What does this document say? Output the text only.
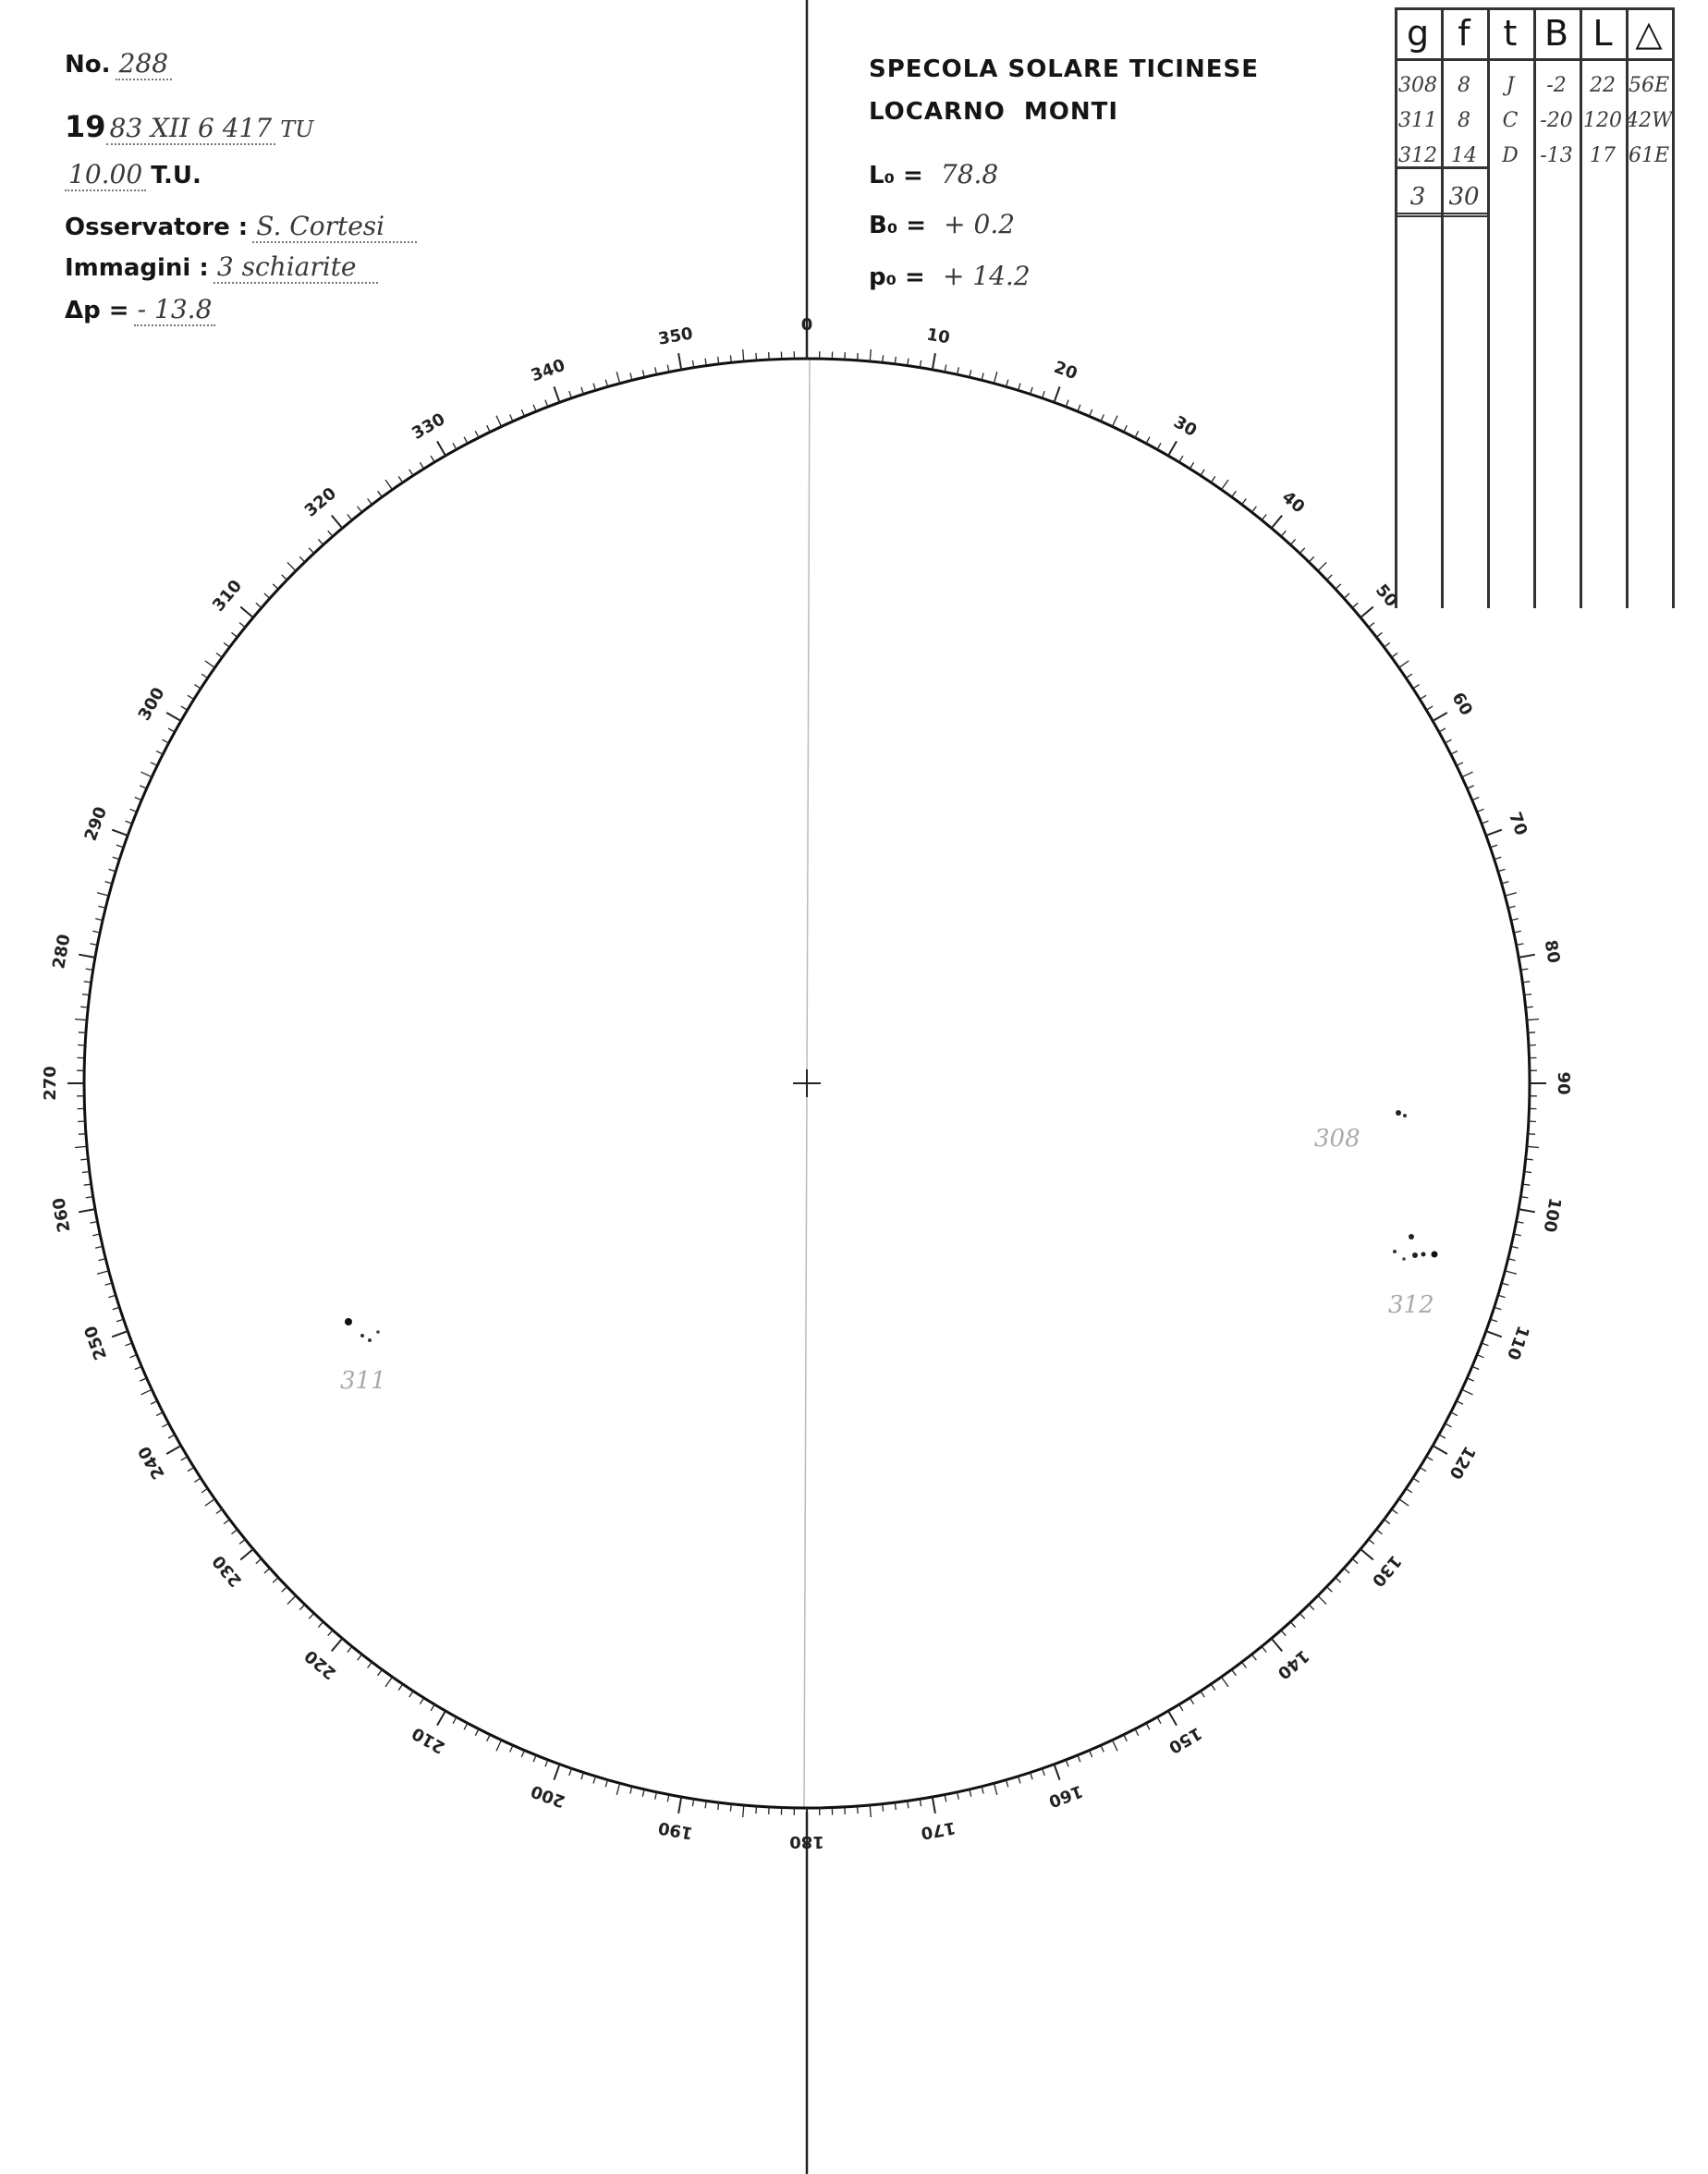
No. 288
19 83 XII 6 417 TU
10.00 T.U.
Osservatore : S. Cortesi
Immagini : 3 schiarite
Δp = - 13.8
SPECOLA SOLARE TICINESE
LOCARNO  MONTI
L₀ = 78.8
B₀ = + 0.2
p₀ = + 14.2
g f t B L △
308	8	J	-2	22 56E
311	8	C	-20 120 42W
312 14	D	-13 17 61E
3 30
0	10
20
30
40
50
60
70
80
90
100
110
120
130
140
150
160
170
180
190
200
210
220
230
240
250
260
270
280
290
300
310
320
330
340
350
308
312
311
